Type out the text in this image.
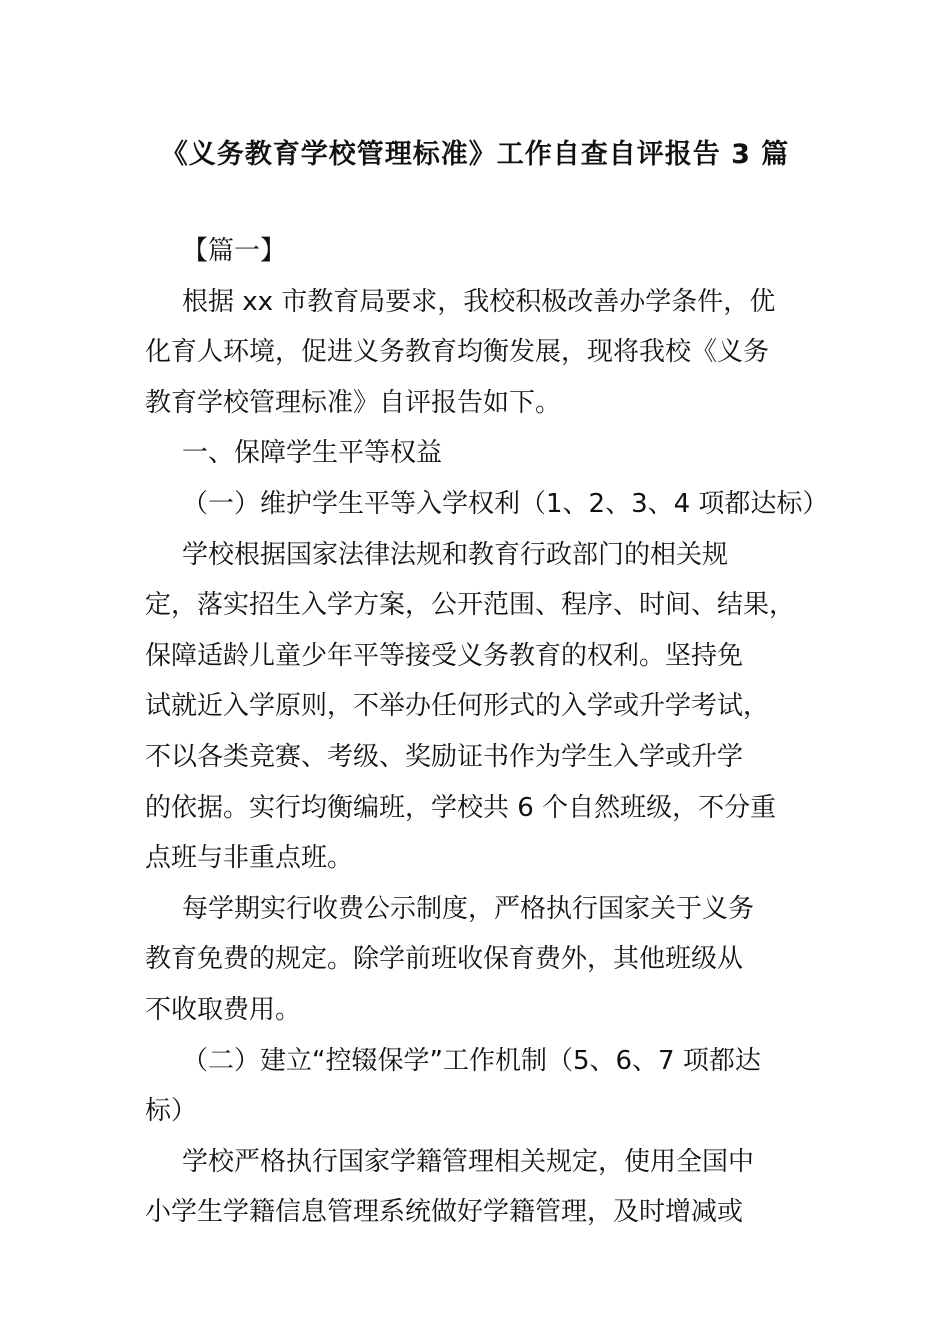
《义务教育学校管理标准》工作自查自评报告 3 篇
【篇一】
根据 xx 市教育局要求，我校积极改善办学条件，优
化育人环境，促进义务教育均衡发展，现将我校《义务
教育学校管理标准》自评报告如下。
一、保障学生平等权益
（一）维护学生平等入学权利（1、2、3、4 项都达标）
学校根据国家法律法规和教育行政部门的相关规
定，落实招生入学方案，公开范围、程序、时间、结果，
保障适龄儿童少年平等接受义务教育的权利。坚持免
试就近入学原则，不举办任何形式的入学或升学考试，
不以各类竞赛、考级、奖励证书作为学生入学或升学
的依据。实行均衡编班，学校共 6 个自然班级，不分重
点班与非重点班。
每学期实行收费公示制度，严格执行国家关于义务
教育免费的规定。除学前班收保育费外，其他班级从
不收取费用。
（二）建立“控辍保学”工作机制（5、6、7 项都达
标）
学校严格执行国家学籍管理相关规定，使用全国中
小学生学籍信息管理系统做好学籍管理，及时增减或
